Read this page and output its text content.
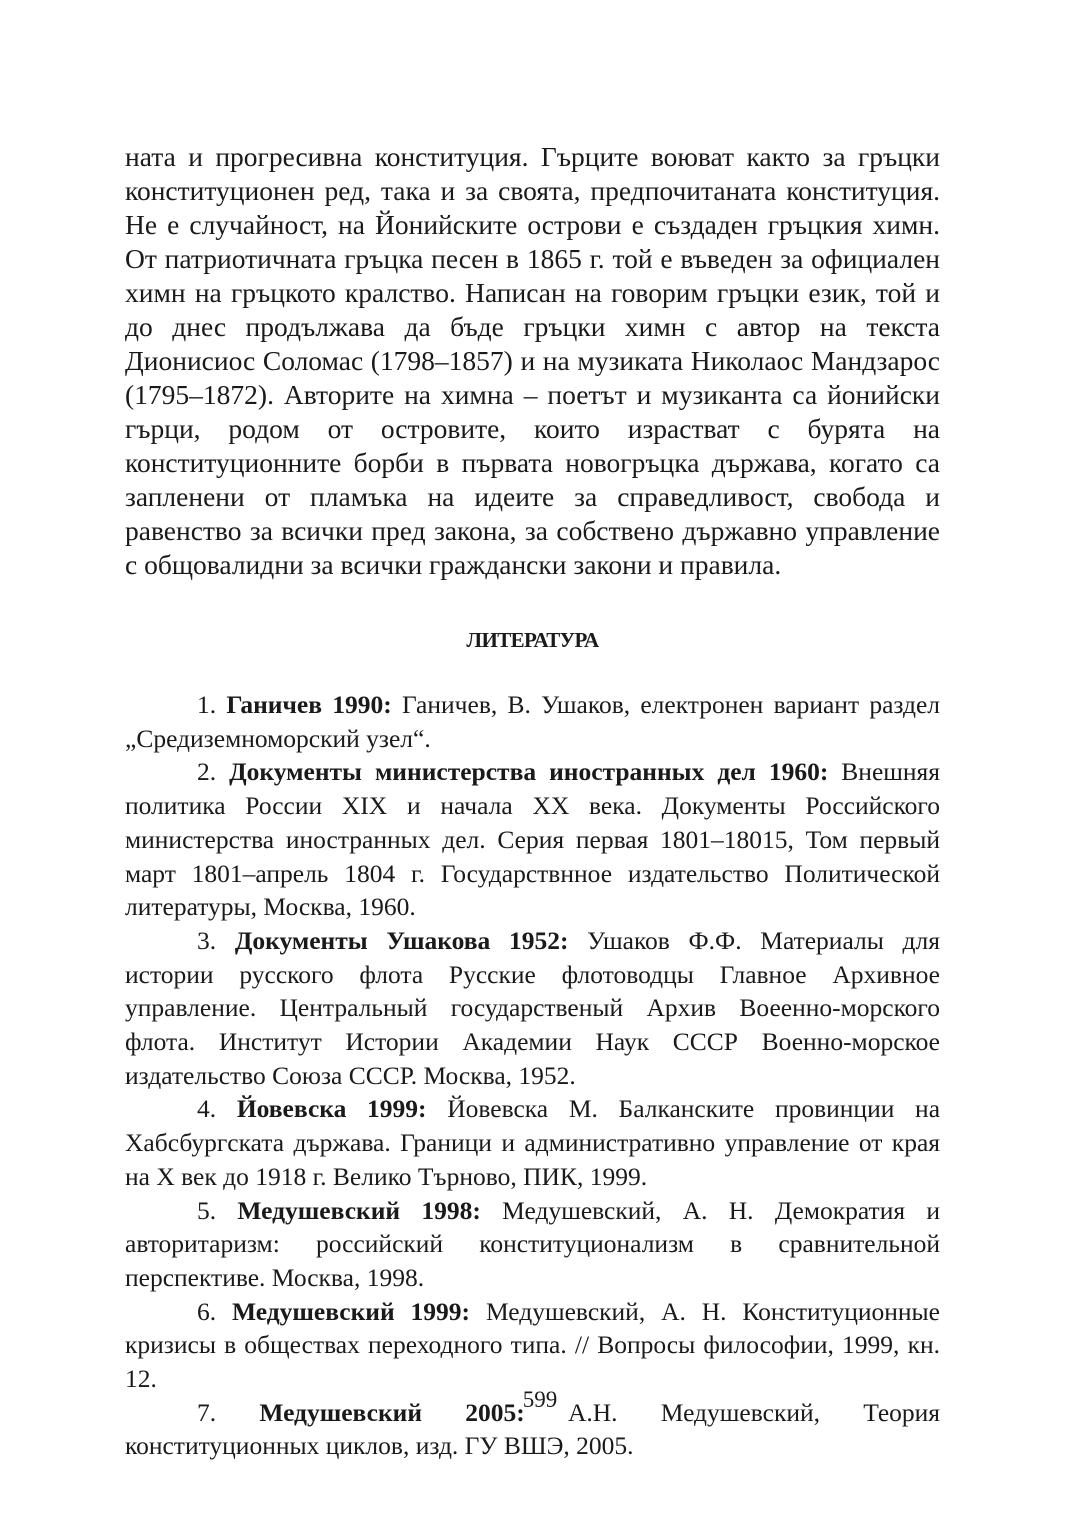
ната и прогресивна конституция. Гърците воюват както за гръцки конституционен ред, така и за своята, предпочитаната конституция. Не е случайност, на Йонийските острови е създаден гръцкия химн. От патриотичната гръцка песен в 1865 г. той е въведен за официален химн на гръцкото кралство. Написан на говорим гръцки език, той и до днес продължава да бъде гръцки химн с автор на текста Дионисиос Соломас (1798–1857) и на музиката Николаос Мандзарос (1795–1872). Авторите на химна – поетът и музиканта са йонийски гърци, родом от островите, които израстват с бурята на конституционните борби в първата новогръцка държава, когато са запленени от пламъка на идеите за справедливост, свобода и равенство за всички пред закона, за собствено държавно управление с общовалидни за всички граждански закони и правила.

ЛИТЕРАТУРА

1. Ганичев 1990: Ганичев, В. Ушаков, електронен вариант раздел „Средиземноморский узел“.

2. Документы министерства иностранных дел 1960: Внешняя политика России XIX и начала XX века. Документы Российского министерства иностранных дел. Серия первая 1801–18015, Том первый март 1801–апрель 1804 г. Государствнное издательство Политической литературы, Москва, 1960.

3. Документы Ушакова 1952: Ушаков Ф.Ф. Материалы для истории русского флота Русские флотоводцы Главное Архивное управление. Центральный государственый Архив Воеенно-морского флота. Институт Истории Академии Наук СССР Военно-морское издательство Союза СССР. Москва, 1952.

4. Йовевска 1999: Йовевска М. Балканските провинции на Хабсбургската държава. Граници и административно управление от края на X век до 1918 г. Велико Търново, ПИК, 1999.

5. Медушевский 1998: Медушевский, А. Н. Демократия и авторитаризм: российский конституционализм в сравнительной перспективе. Москва, 1998.

6. Медушевский 1999: Медушевский, А. Н. Конституционные кризисы в обществах переходного типа. // Вопросы философии, 1999, кн. 12.

7. Медушевский 2005: А.Н. Медушевский, Теория конституционных циклов, изд. ГУ ВШЭ, 2005.

599
